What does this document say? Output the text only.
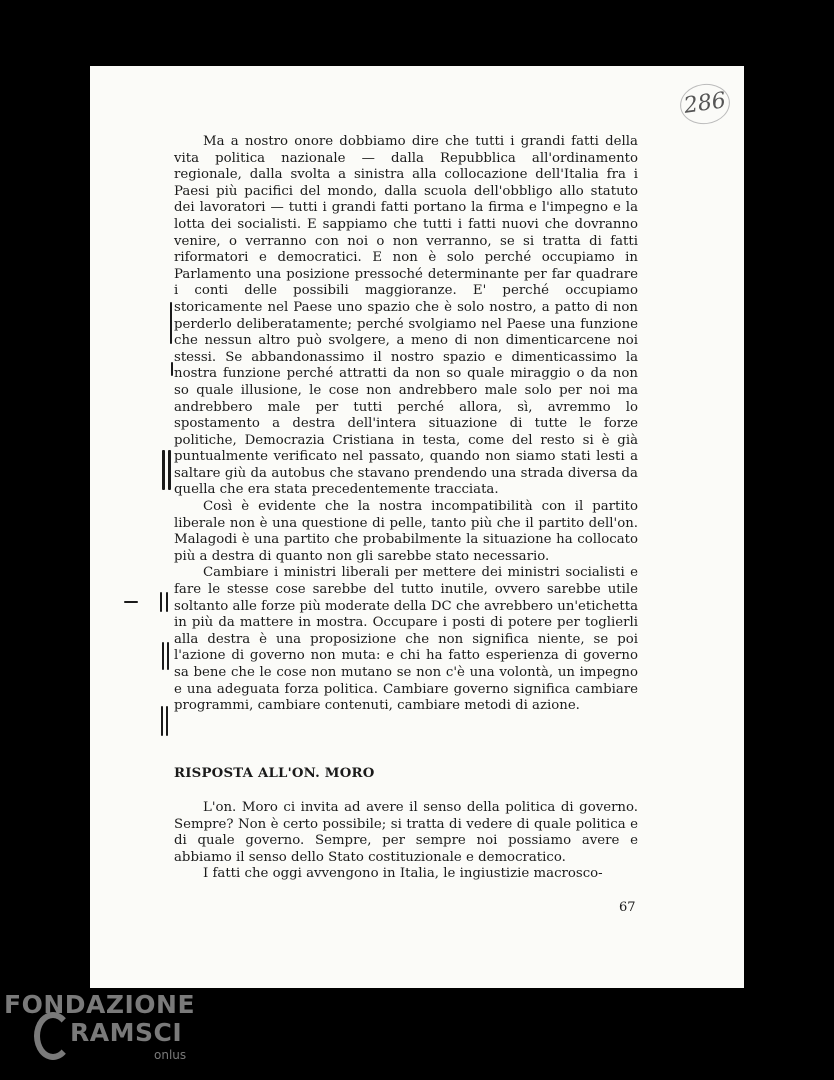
286

Ma a nostro onore dobbiamo dire che tutti i grandi fatti della vita politica nazionale — dalla Repubblica all'ordinamento regionale, dalla svolta a sinistra alla collocazione dell'Italia fra i Paesi più pacifici del mondo, dalla scuola dell'obbligo allo statuto dei lavoratori — tutti i grandi fatti portano la firma e l'impegno e la lotta dei socialisti. E sappiamo che tutti i fatti nuovi che dovranno venire, o verranno con noi o non verranno, se si tratta di fatti riformatori e democratici. E non è solo perché occupiamo in Parlamento una posizione pressoché determinante per far quadrare i conti delle possibili maggioranze. E' perché occupiamo storicamente nel Paese uno spazio che è solo nostro, a patto di non perderlo deliberatamente; perché svolgiamo nel Paese una funzione che nessun altro può svolgere, a meno di non dimenticarcene noi stessi. Se abbandonassimo il nostro spazio e dimenticassimo la nostra funzione perché attratti da non so quale miraggio o da non so quale illusione, le cose non andrebbero male solo per noi ma andrebbero male per tutti perché allora, sì, avremmo lo spostamento a destra dell'intera situazione di tutte le forze politiche, Democrazia Cristiana in testa, come del resto si è già puntualmente verificato nel passato, quando non siamo stati lesti a saltare giù da autobus che stavano prendendo una strada diversa da quella che era stata precedentemente tracciata.

Così è evidente che la nostra incompatibilità con il partito liberale non è una questione di pelle, tanto più che il partito dell'on. Malagodi è una partito che probabilmente la situazione ha collocato più a destra di quanto non gli sarebbe stato necessario.

Cambiare i ministri liberali per mettere dei ministri socialisti e fare le stesse cose sarebbe del tutto inutile, ovvero sarebbe utile soltanto alle forze più moderate della DC che avrebbero un'etichetta in più da mattere in mostra. Occupare i posti di potere per toglierli alla destra è una proposizione che non significa niente, se poi l'azione di governo non muta: e chi ha fatto esperienza di governo sa bene che le cose non mutano se non c'è una volontà, un impegno e una adeguata forza politica. Cambiare governo significa cambiare programmi, cambiare contenuti, cambiare metodi di azione.

RISPOSTA ALL'ON. MORO

L'on. Moro ci invita ad avere il senso della politica di governo. Sempre? Non è certo possibile; si tratta di vedere di quale politica e di quale governo. Sempre, per sempre noi possiamo avere e abbiamo il senso dello Stato costituzionale e democratico.

I fatti che oggi avvengono in Italia, le ingiustizie macrosco-

67
FONDAZIONE
RAMSCI
onlus
